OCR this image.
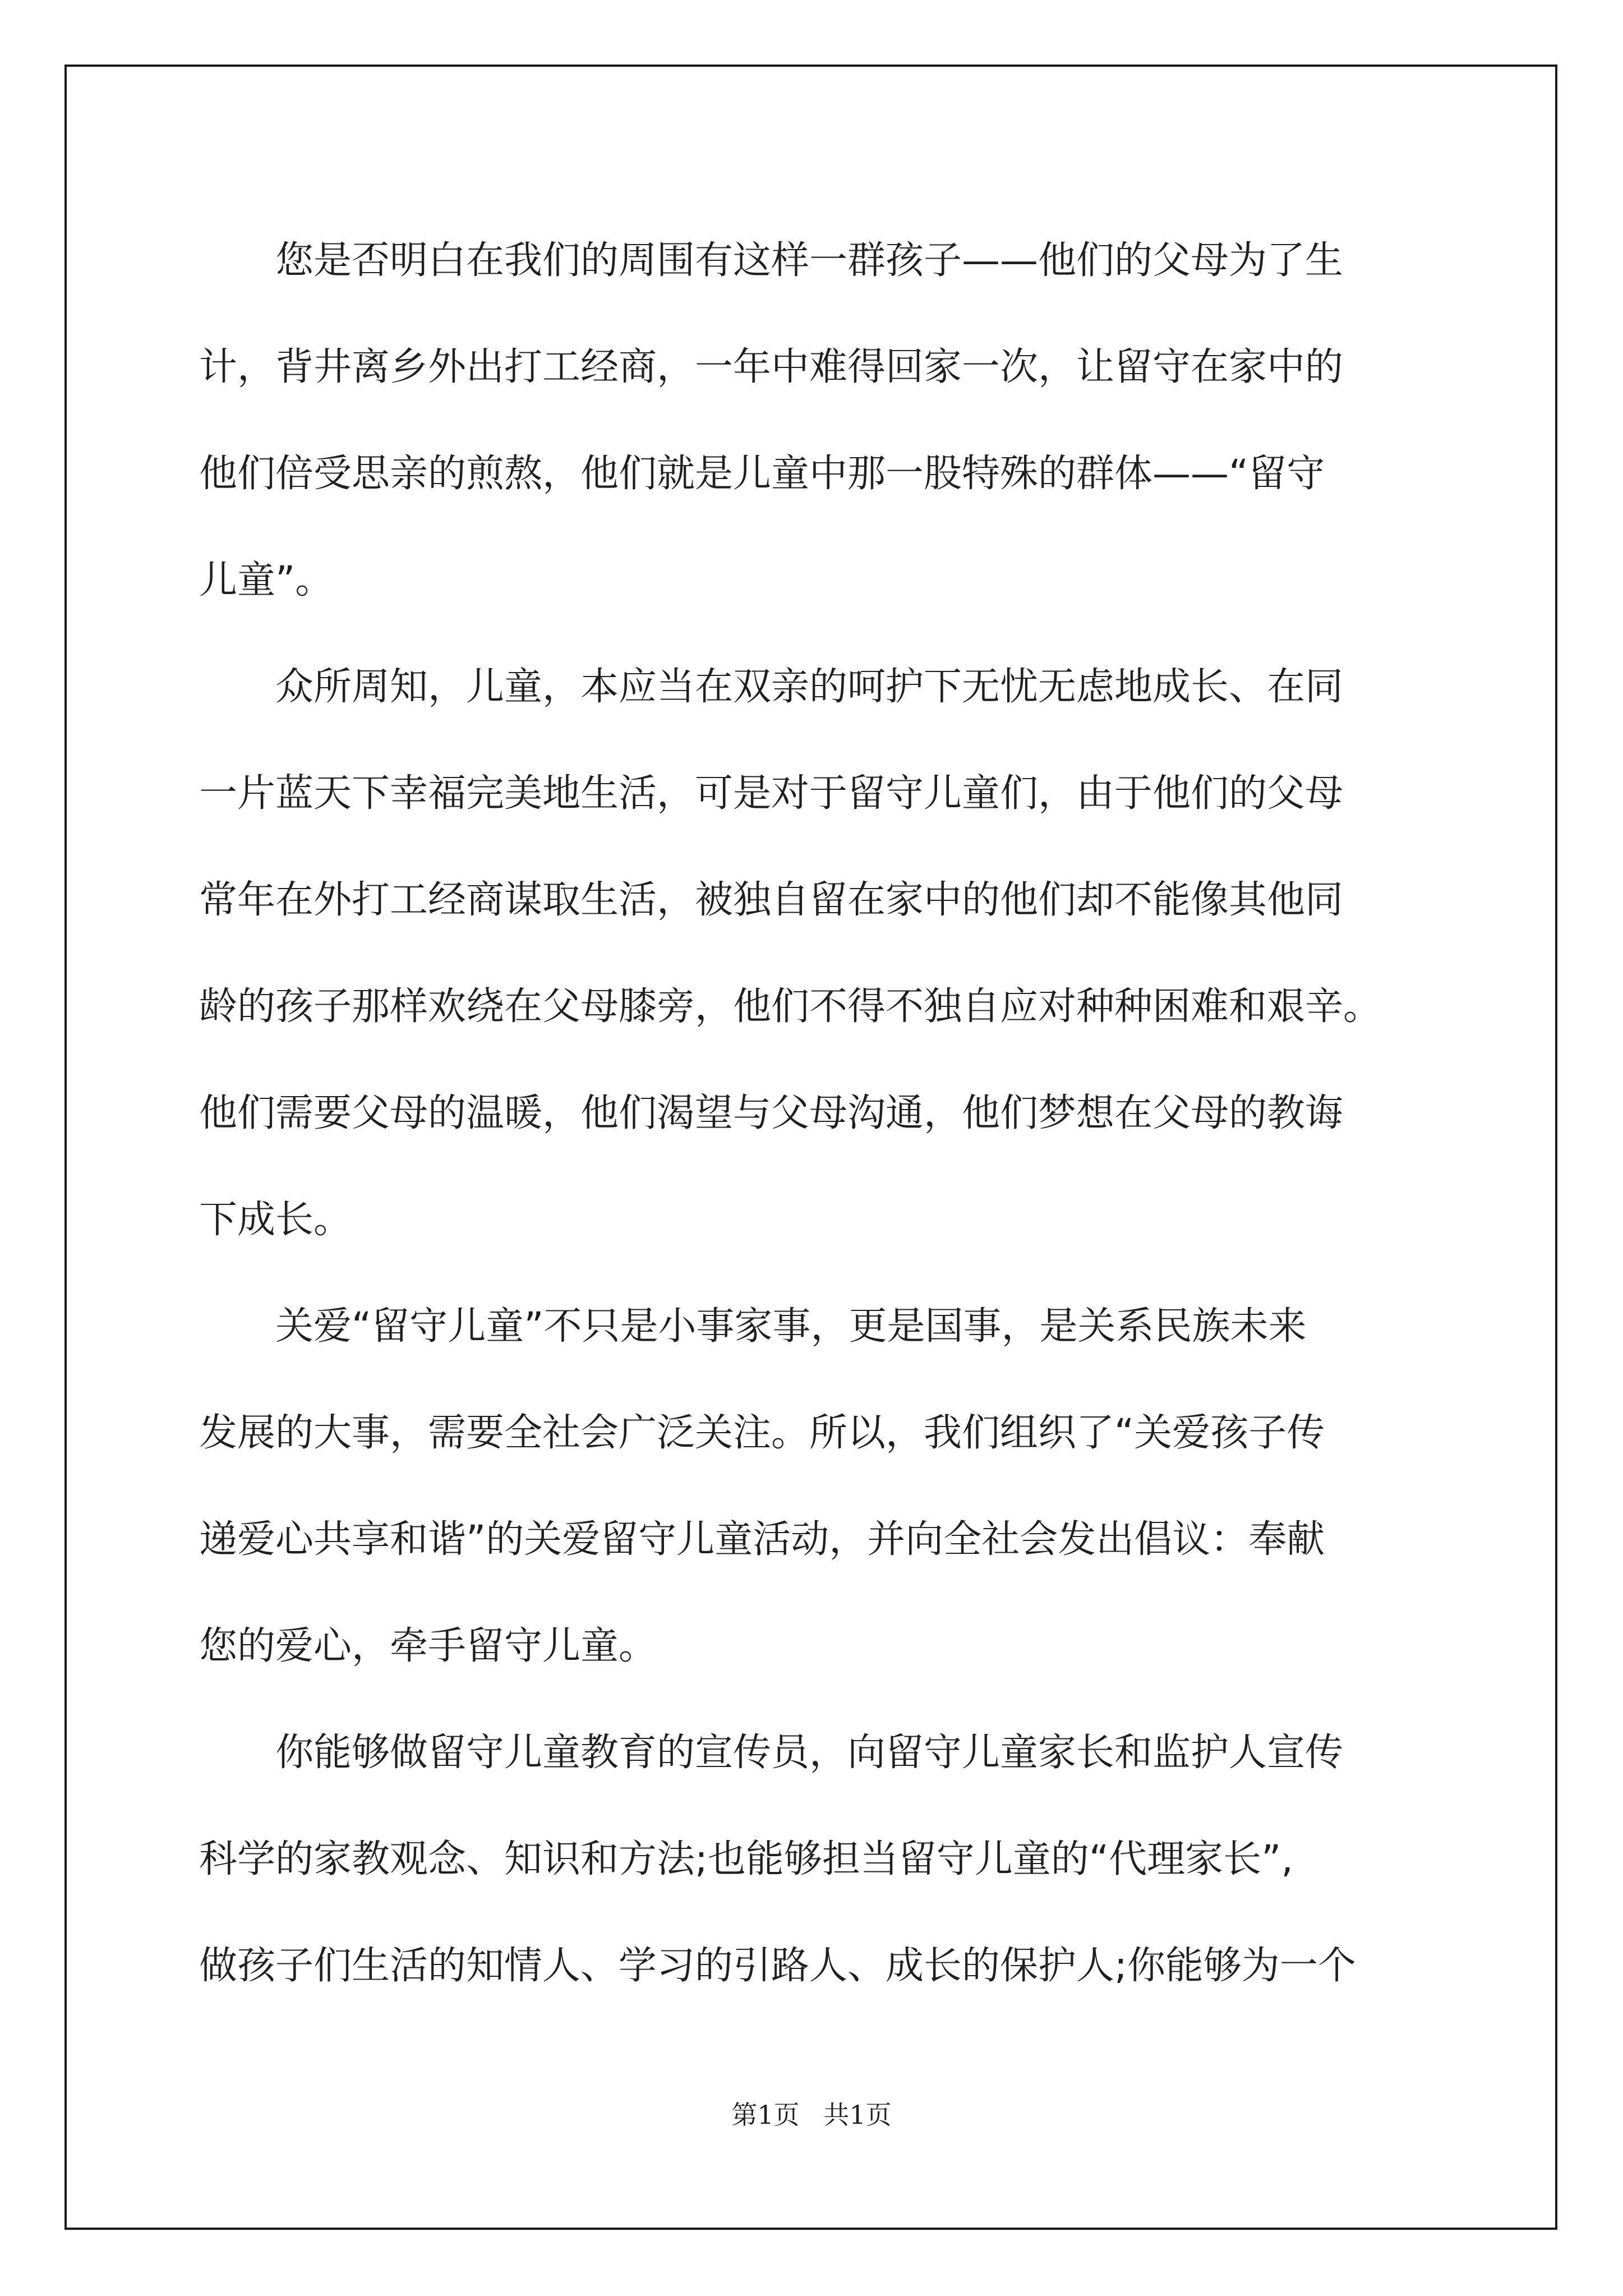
您是否明白在我们的周围有这样一群孩子——他们的父母为了生
计，背井离乡外出打工经商，一年中难得回家一次，让留守在家中的
他们倍受思亲的煎熬，他们就是儿童中那一股特殊的群体——“留守
儿童”。
众所周知，儿童，本应当在双亲的呵护下无忧无虑地成长、在同
一片蓝天下幸福完美地生活，可是对于留守儿童们，由于他们的父母
常年在外打工经商谋取生活，被独自留在家中的他们却不能像其他同
龄的孩子那样欢绕在父母膝旁，他们不得不独自应对种种困难和艰辛。
他们需要父母的温暖，他们渴望与父母沟通，他们梦想在父母的教诲
下成长。
关爱“留守儿童”不只是小事家事，更是国事，是关系民族未来
发展的大事，需要全社会广泛关注。所以，我们组织了“关爱孩子传
递爱心共享和谐”的关爱留守儿童活动，并向全社会发出倡议：奉献
您的爱心，牵手留守儿童。
你能够做留守儿童教育的宣传员，向留守儿童家长和监护人宣传
科学的家教观念、知识和方法;也能够担当留守儿童的“代理家长”,
做孩子们生活的知情人、学习的引路人、成长的保护人;你能够为一个
第1页 共1页
